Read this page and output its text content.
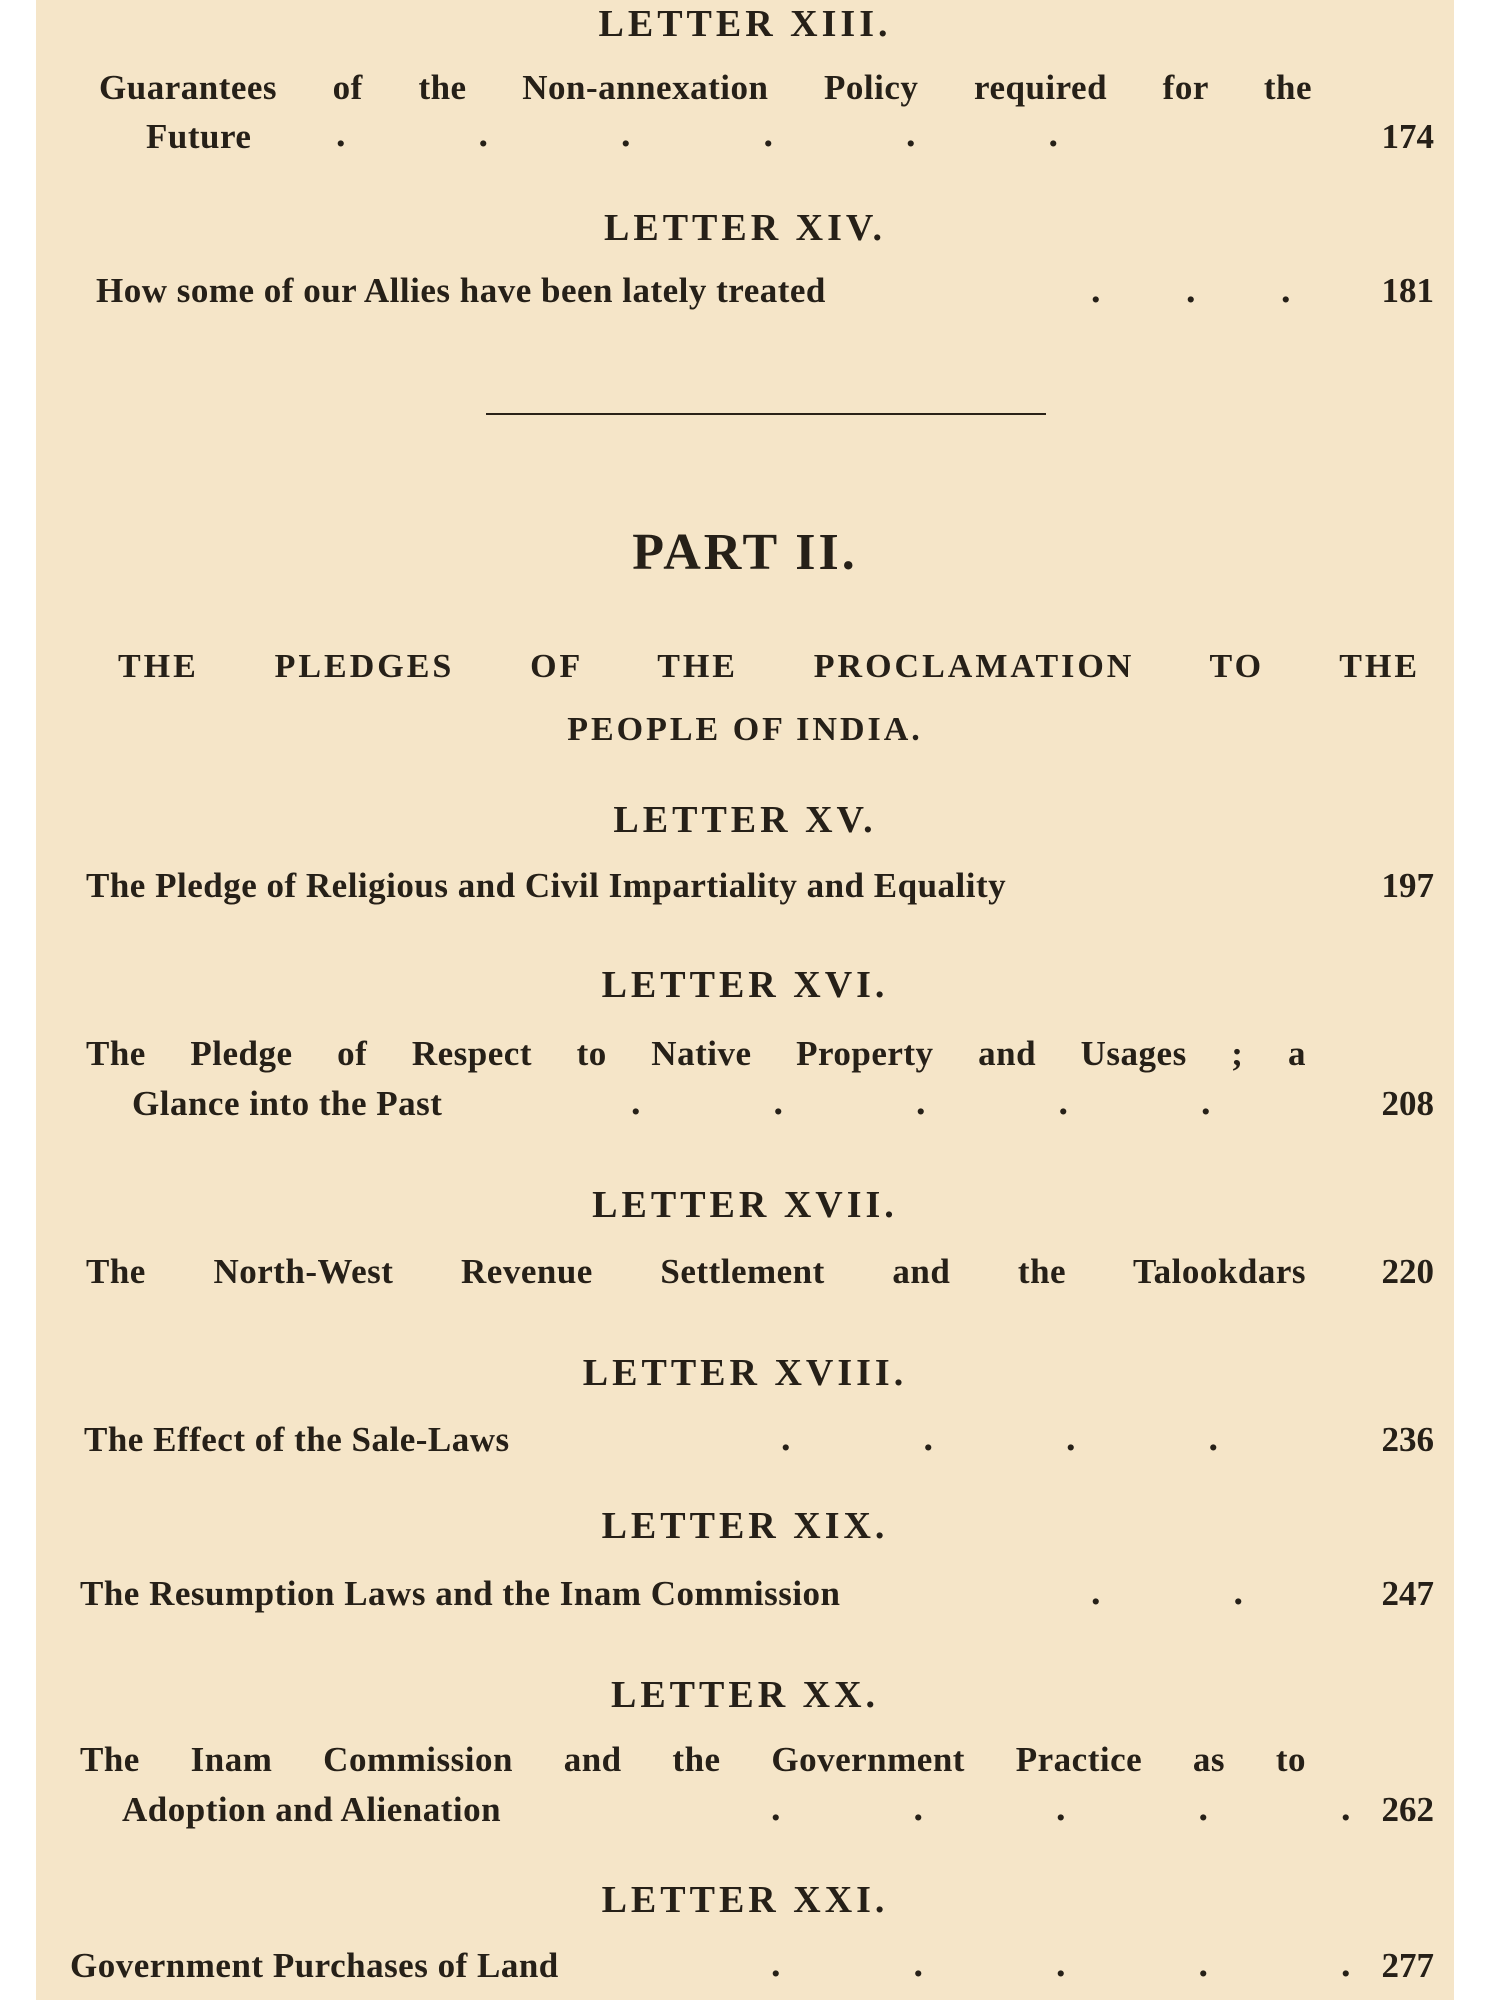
LETTER XIII.
Guarantees of the Non-annexation Policy required for the
Future .              .              .              .              .              .	174
LETTER XIV.
How some of our Allies have been lately treated	.         .         .	181
PART II.
THE PLEDGES OF THE PROCLAMATION TO THE
PEOPLE OF INDIA.
LETTER XV.
The Pledge of Religious and Civil Impartiality and Equality	197
LETTER XVI.
The Pledge of Respect to Native Property and Usages ; a
Glance into the Past	.              .              .              .              .	208
LETTER XVII.
The North-West Revenue Settlement and the Talookdars 220
LETTER XVIII.
The Effect of the Sale-Laws	.              .              .              .	236
LETTER XIX.
The Resumption Laws and the Inam Commission	.              .	247
LETTER XX.
The Inam Commission and the Government Practice as to
Adoption and Alienation	.              .              .              .              . 262
LETTER XXI.
Government Purchases of Land	.              .              .              .              . 277
